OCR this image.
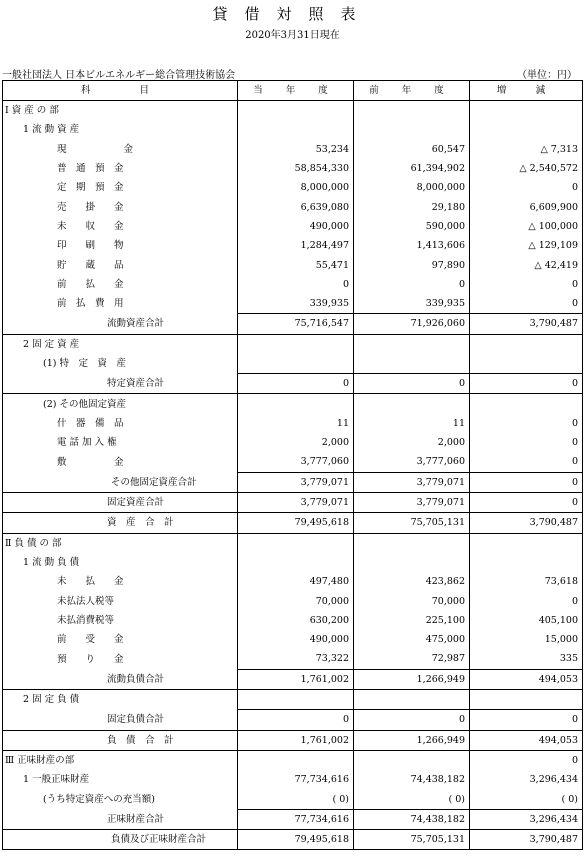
貸借対照表
2020年3月31日現在
一般社団法人 日本ビルエネルギー総合管理技術協会	（単位：円）
科　　目	当 年 度	前 年 度	増　減
Ⅰ 資 産 の 部			
1 流 動 資 産			
現　　　　　　金	53,234	60,547	△ 7,313
普　通　預　金	58,854,330	61,394,902	△ 2,540,572
定　期　預　金	8,000,000	8,000,000	0
売　　掛　　金	6,639,080	29,180	6,609,900
未　　収　　金	490,000	590,000	△ 100,000
印　　刷　　物	1,284,497	1,413,606	△ 129,109
貯　　蔵　　品	55,471	97,890	△ 42,419
前　　払　　金	0	0	0
前　払　費　用	339,935	339,935	0
流動資産合計	75,716,547	71,926,060	3,790,487
2 固 定 資 産			
(1) 特　定　資　産			
特定資産合計	0	0	0
(2) その他固定資産			
什　器　備　品	11	11	0
電 話 加 入 権	2,000	2,000	0
敷　　　　　金	3,777,060	3,777,060	0
その他固定資産合計	3,779,071	3,779,071	0
固定資産合計	3,779,071	3,779,071	0
資　産　合　計	79,495,618	75,705,131	3,790,487
Ⅱ 負 債 の 部			
1 流 動 負 債			
未　　払　　金	497,480	423,862	73,618
未払法人税等	70,000	70,000	0
未払消費税等	630,200	225,100	405,100
前　　受　　金	490,000	475,000	15,000
預　　り　　金	73,322	72,987	335
流動負債合計	1,761,002	1,266,949	494,053
2 固 定 負 債			
固定負債合計	0	0	0
負　債　合　計	1,761,002	1,266,949	494,053
Ⅲ 正味財産の部			0
1 一般正味財産	77,734,616	74,438,182	3,296,434
(うち特定資産への充当額)	( 0)	( 0)	( 0)
正味財産合計	77,734,616	74,438,182	3,296,434
負債及び正味財産合計	79,495,618	75,705,131	3,790,487
